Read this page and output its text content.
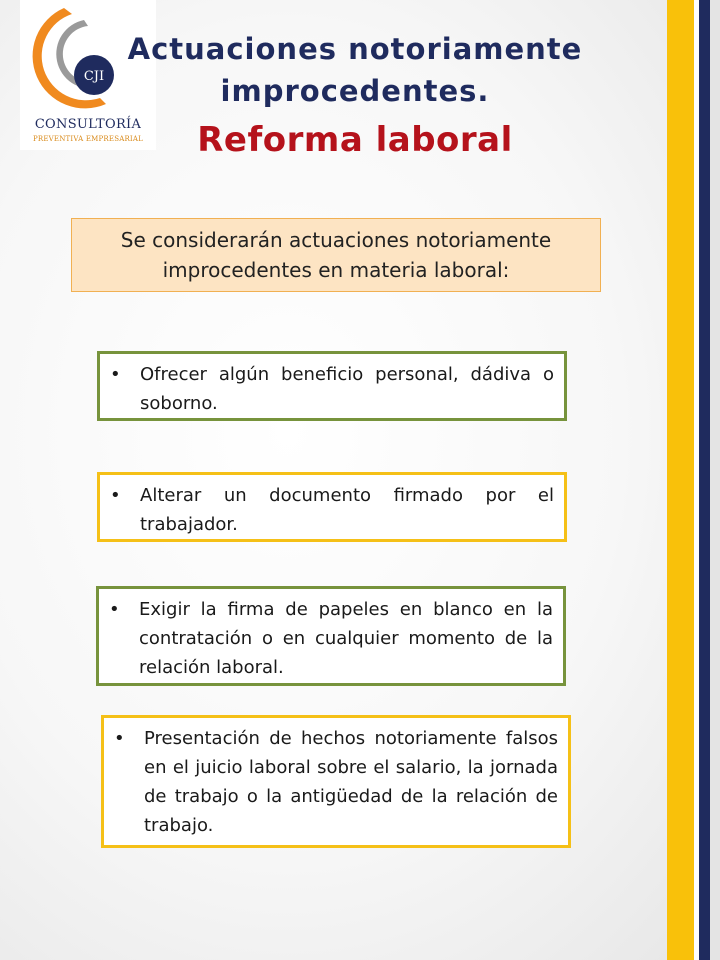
CJI
CONSULTORÍA
PREVENTIVA EMPRESARIAL
Actuaciones notoriamente
improcedentes.
Reforma laboral
Se considerarán actuaciones notoriamente
improcedentes en materia laboral:
•	Ofrecer algún beneficio personal, dádiva o soborno.
•	Alterar un documento firmado por el trabajador.
•	Exigir la firma de papeles en blanco en la contratación o en cualquier momento de la relación laboral.
•	Presentación de hechos notoriamente falsos en el juicio laboral sobre el salario, la jornada de trabajo o la antigüedad de la relación de trabajo.
